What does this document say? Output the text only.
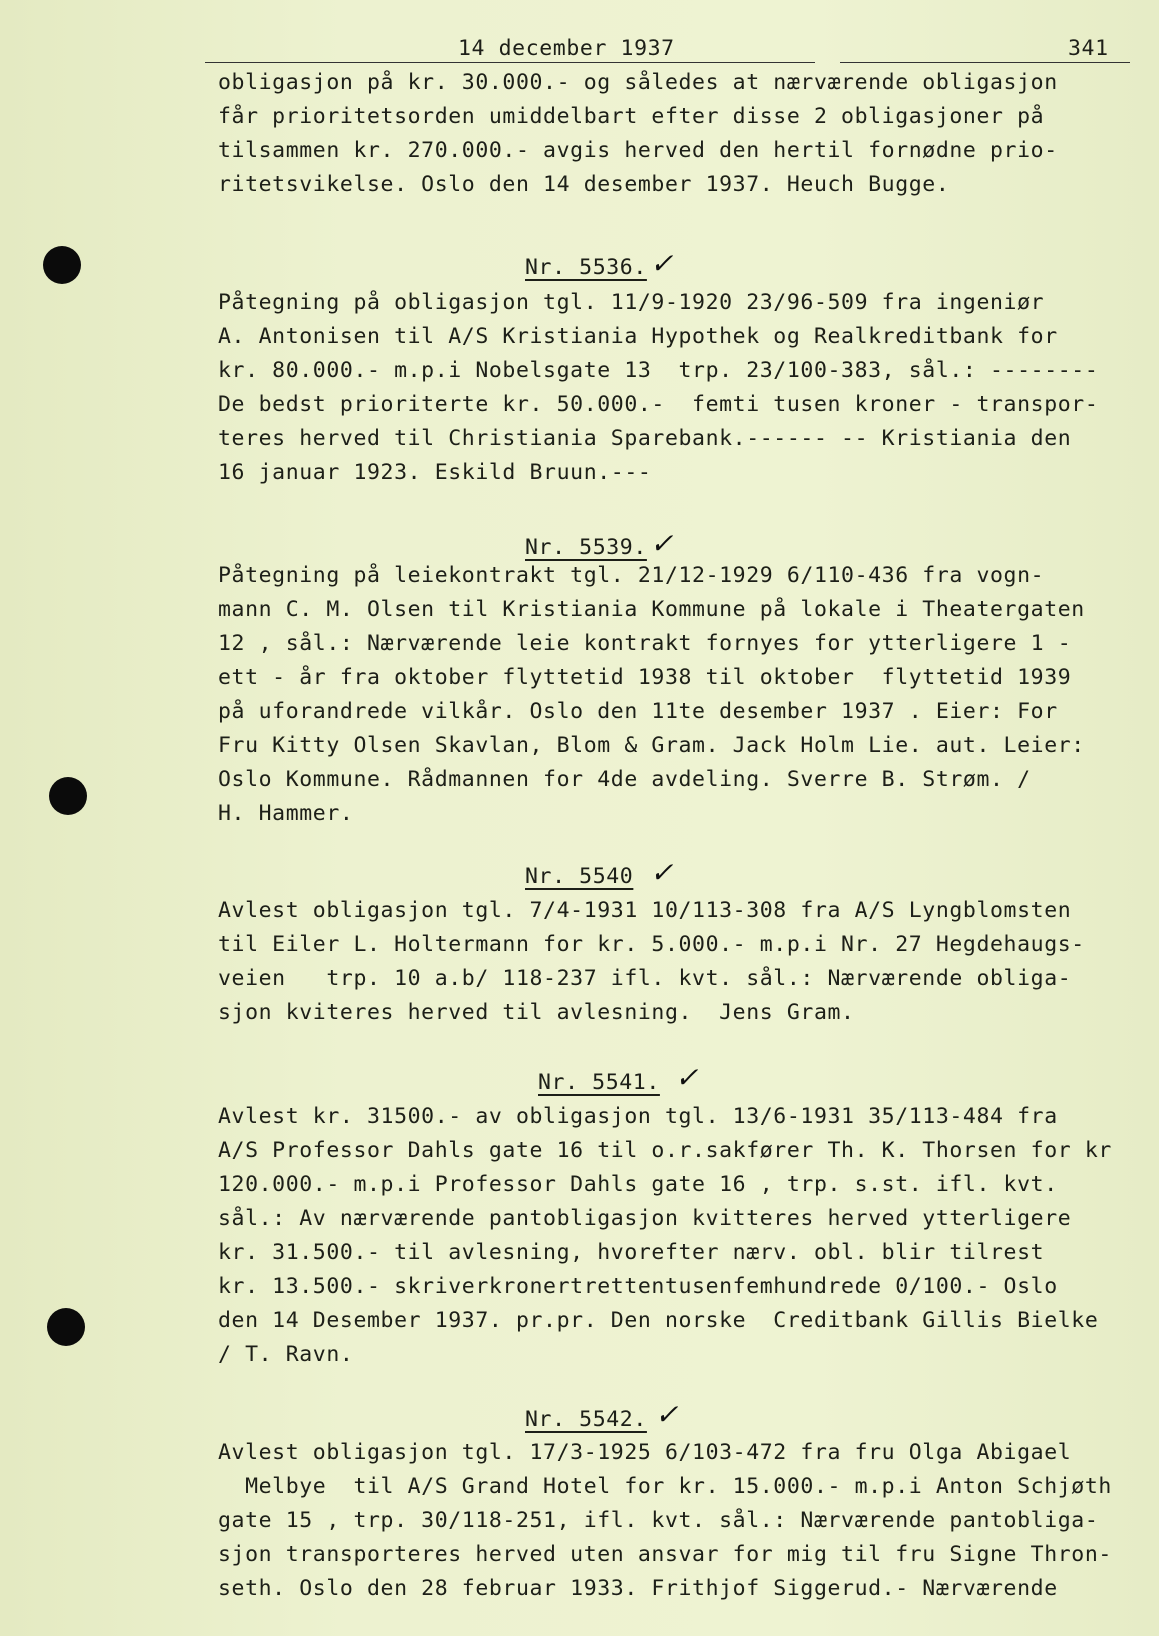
14 december 1937	341
obligasjon på kr. 30.000.- og således at nærværende obligasjon
får prioritetsorden umiddelbart efter disse 2 obligasjoner på
tilsammen kr. 270.000.- avgis herved den hertil fornødne prio-
ritetsvikelse. Oslo den 14 desember 1937. Heuch Bugge.
Nr. 5536. ✓
Påtegning på obligasjon tgl. 11/9-1920 23/96-509 fra ingeniør
A. Antonisen til A/S Kristiania Hypothek og Realkreditbank for
kr. 80.000.- m.p.i Nobelsgate 13  trp. 23/100-383, sål.: --------
De bedst prioriterte kr. 50.000.-  femti tusen kroner - transpor-
teres herved til Christiania Sparebank.------ -- Kristiania den
16 januar 1923. Eskild Bruun.---
Nr. 5539. ✓
Påtegning på leiekontrakt tgl. 21/12-1929 6/110-436 fra vogn-
mann C. M. Olsen til Kristiania Kommune på lokale i Theatergaten
12 , sål.: Nærværende leie kontrakt fornyes for ytterligere 1 -
ett - år fra oktober flyttetid 1938 til oktober  flyttetid 1939
på uforandrede vilkår. Oslo den 11te desember 1937 . Eier: For
Fru Kitty Olsen Skavlan, Blom & Gram. Jack Holm Lie. aut. Leier:
Oslo Kommune. Rådmannen for 4de avdeling. Sverre B. Strøm. /
H. Hammer.
Nr. 5540 ✓
Avlest obligasjon tgl. 7/4-1931 10/113-308 fra A/S Lyngblomsten
til Eiler L. Holtermann for kr. 5.000.- m.p.i Nr. 27 Hegdehaugs-
veien   trp. 10 a.b/ 118-237 ifl. kvt. sål.: Nærværende obliga-
sjon kviteres herved til avlesning.  Jens Gram.
Nr. 5541. ✓
Avlest kr. 31500.- av obligasjon tgl. 13/6-1931 35/113-484 fra
A/S Professor Dahls gate 16 til o.r.sakfører Th. K. Thorsen for kr
120.000.- m.p.i Professor Dahls gate 16 , trp. s.st. ifl. kvt.
sål.: Av nærværende pantobligasjon kvitteres herved ytterligere
kr. 31.500.- til avlesning, hvorefter nærv. obl. blir tilrest
kr. 13.500.- skriverkronertrettentusenfemhundrede 0/100.- Oslo
den 14 Desember 1937. pr.pr. Den norske  Creditbank Gillis Bielke
/ T. Ravn.
Nr. 5542. ✓
Avlest obligasjon tgl. 17/3-1925 6/103-472 fra fru Olga Abigael
Melbye  til A/S Grand Hotel for kr. 15.000.- m.p.i Anton Schjøth
gate 15 , trp. 30/118-251, ifl. kvt. sål.: Nærværende pantobliga-
sjon transporteres herved uten ansvar for mig til fru Signe Thron-
seth. Oslo den 28 februar 1933. Frithjof Siggerud.- Nærværende
